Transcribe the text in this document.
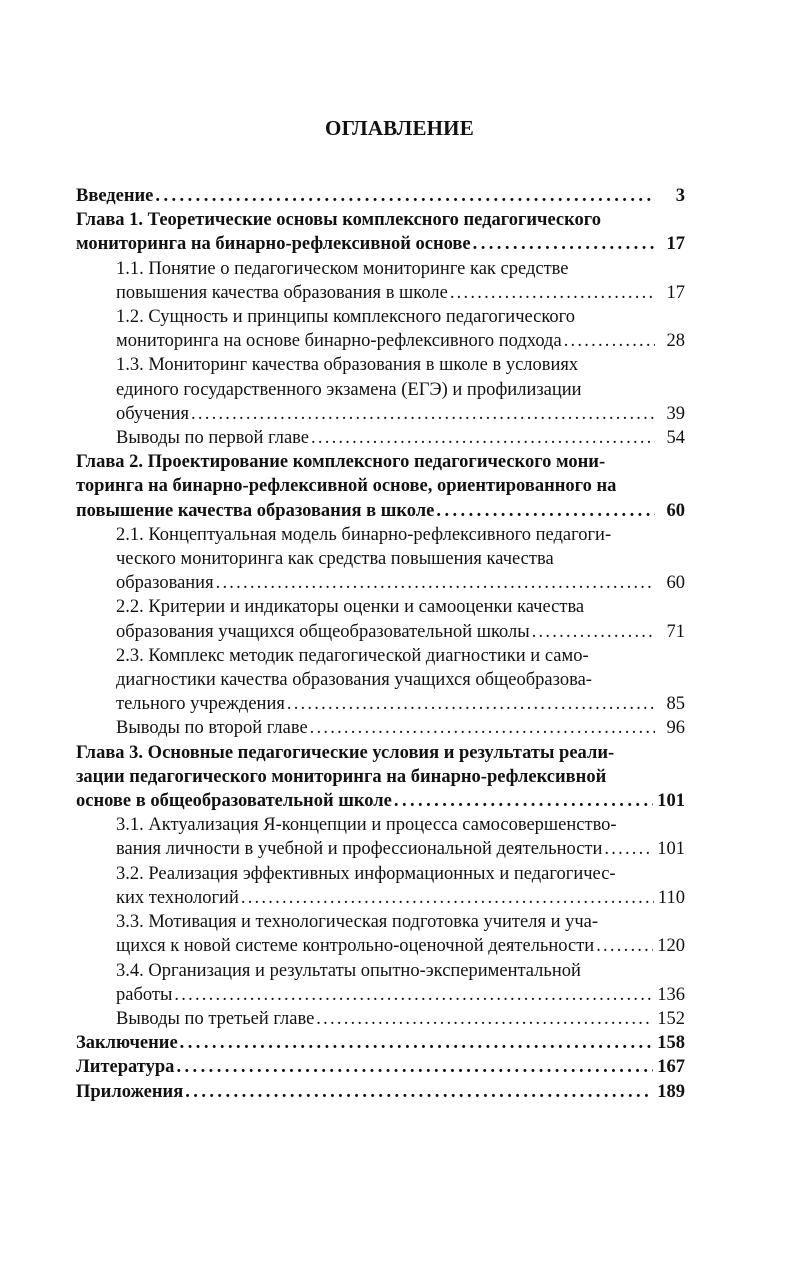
ОГЛАВЛЕНИЕ
Введение . . .	3
Глава 1. Теоретические основы комплексного педагогического
мониторинга на бинарно-рефлексивной основе . . .	17
1.1. Понятие о педагогическом мониторинге как средстве
повышения качества образования в школе . . .	17
1.2. Сущность и принципы комплексного педагогического
мониторинга на основе бинарно-рефлексивного подхода . . .	28
1.3. Мониторинг качества образования в школе в условиях
единого государственного экзамена (ЕГЭ) и профилизации
обучения . . .	39
Выводы по первой главе . . .	54
Глава 2. Проектирование комплексного педагогического мони-
торинга на бинарно-рефлексивной основе, ориентированного на
повышение качества образования в школе . . .	60
2.1. Концептуальная модель бинарно-рефлексивного педагоги-
ческого мониторинга как средства повышения качества
образования . . .	60
2.2. Критерии и индикаторы оценки и самооценки качества
образования учащихся общеобразовательной школы . . .	71
2.3. Комплекс методик педагогической диагностики и само-
диагностики качества образования учащихся общеобразова-
тельного учреждения . . .	85
Выводы по второй главе . . .	96
Глава 3. Основные педагогические условия и результаты реали-
зации педагогического мониторинга на бинарно-рефлексивной
основе в общеобразовательной школе . . .	101
3.1. Актуализация Я-концепции и процесса самосовершенство-
вания личности в учебной и профессиональной деятельности . . .	101
3.2. Реализация эффективных информационных и педагогичес-
ких технологий . . .	110
3.3. Мотивация и технологическая подготовка учителя и уча-
щихся к новой системе контрольно-оценочной деятельности . . .	120
3.4. Организация и результаты опытно-экспериментальной
работы . . .	136
Выводы по третьей главе . . .	152
Заключение . . .	158
Литература . . .	167
Приложения . . .	189
